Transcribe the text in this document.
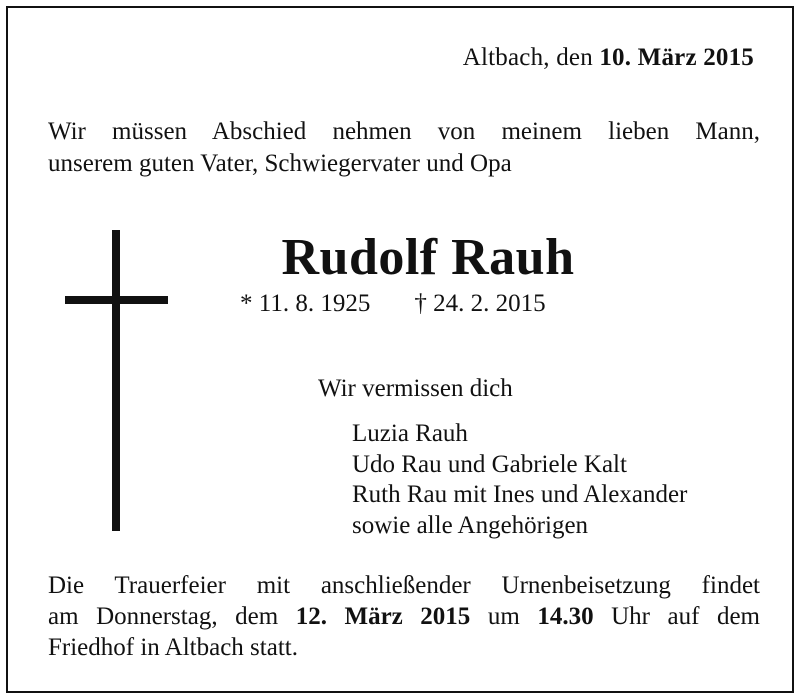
Altbach, den 10. März 2015
Wir müssen Abschied nehmen von meinem lieben Mann,
unserem guten Vater, Schwiegervater und Opa
Rudolf Rauh
* 11. 8. 1925 † 24. 2. 2015
Wir vermissen dich
Luzia Rauh
Udo Rau und Gabriele Kalt
Ruth Rau mit Ines und Alexander
sowie alle Angehörigen
Die Trauerfeier mit anschließender Urnenbeisetzung findet
am Donnerstag, dem 12. März 2015 um 14.30 Uhr auf dem
Friedhof in Altbach statt.
